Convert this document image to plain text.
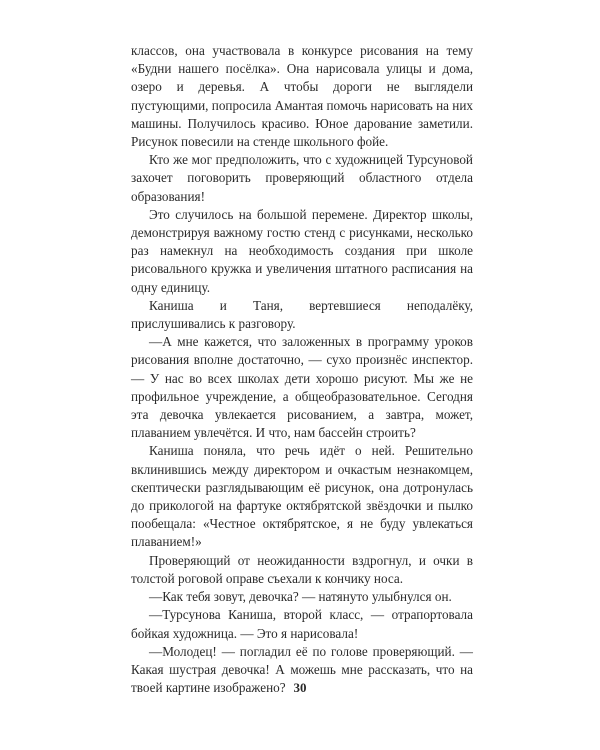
классов, она участвовала в конкурсе рисования на тему «Будни нашего посёлка». Она нарисовала улицы и дома, озеро и деревья. А чтобы дороги не выглядели пустующими, попросила Амантая помочь нарисовать на них машины. Получилось красиво. Юное дарование заметили. Рисунок повесили на стенде школьного фойе.

Кто же мог предположить, что с художницей Турсуновой захочет поговорить проверяющий областного отдела образования!

Это случилось на большой перемене. Директор школы, демонстрируя важному гостю стенд с рисунками, несколько раз намекнул на необходимость создания при школе рисовального кружка и увеличения штатного расписания на одну единицу.

Каниша и Таня, вертевшиеся неподалёку, прислушивались к разговору.

—А мне кажется, что заложенных в программу уроков рисования вполне достаточно, — сухо произнёс инспектор. — У нас во всех школах дети хорошо рисуют. Мы же не профильное учреждение, а общеобразовательное. Сегодня эта девочка увлекается рисованием, а завтра, может, плаванием увлечётся. И что, нам бассейн строить?

Каниша поняла, что речь идёт о ней. Решительно вклинившись между директором и очкастым незнакомцем, скептически разглядывающим её рисунок, она дотронулась до прикологой на фартуке октябрятской звёздочки и пылко пообещала: «Честное октябрятское, я не буду увлекаться плаванием!»

Проверяющий от неожиданности вздрогнул, и очки в толстой роговой оправе съехали к кончику носа.

—Как тебя зовут, девочка? — натянуто улыбнулся он.

—Турсунова Каниша, второй класс, — отрапортовала бойкая художница. — Это я нарисовала!

—Молодец! — погладил её по голове проверяющий. — Какая шустрая девочка! А можешь мне рассказать, что на твоей картине изображено? 30
